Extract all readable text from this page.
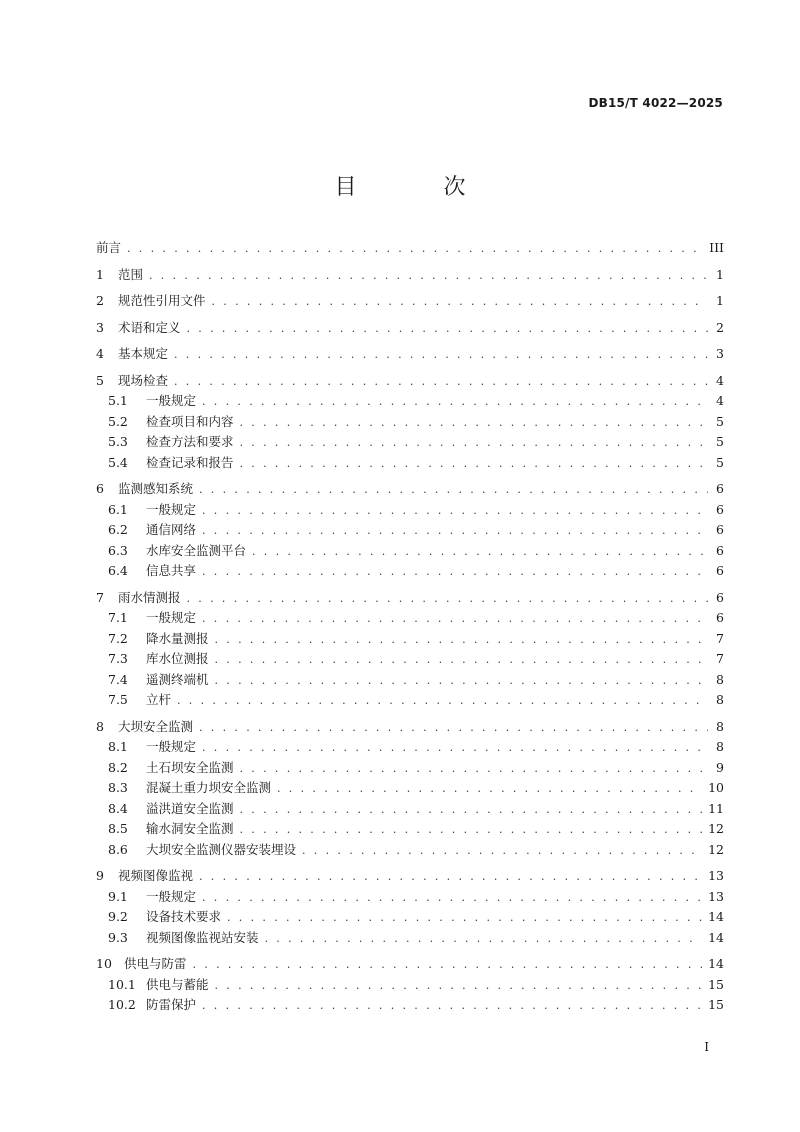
DB15/T 4022—2025
目 次
前言 . . .	III
1	范围 . . .	1
2	规范性引用文件 . . .	1
3	术语和定义 . . .	2
4	基本规定 . . .	3
5	现场检查 . . .	4
5.1	一般规定 . . .	4
5.2	检查项目和内容 . . .	5
5.3	检查方法和要求 . . .	5
5.4	检查记录和报告 . . .	5
6	监测感知系统 . . .	6
6.1	一般规定 . . .	6
6.2	通信网络 . . .	6
6.3	水库安全监测平台 . . .	6
6.4	信息共享 . . .	6
7	雨水情测报 . . .	6
7.1	一般规定 . . .	6
7.2	降水量测报 . . .	7
7.3	库水位测报 . . .	7
7.4	遥测终端机 . . .	8
7.5	立杆 . . .	8
8	大坝安全监测 . . .	8
8.1	一般规定 . . .	8
8.2	土石坝安全监测 . . .	9
8.3	混凝土重力坝安全监测 . . .	10
8.4	溢洪道安全监测 . . .	11
8.5	输水洞安全监测 . . .	12
8.6	大坝安全监测仪器安装埋设 . . .	12
9	视频图像监视 . . .	13
9.1	一般规定 . . .	13
9.2	设备技术要求 . . .	14
9.3	视频图像监视站安装 . . .	14
10 供电与防雷 . . .	14
10.1 供电与蓄能 . . .	15
10.2 防雷保护 . . .	15
I
